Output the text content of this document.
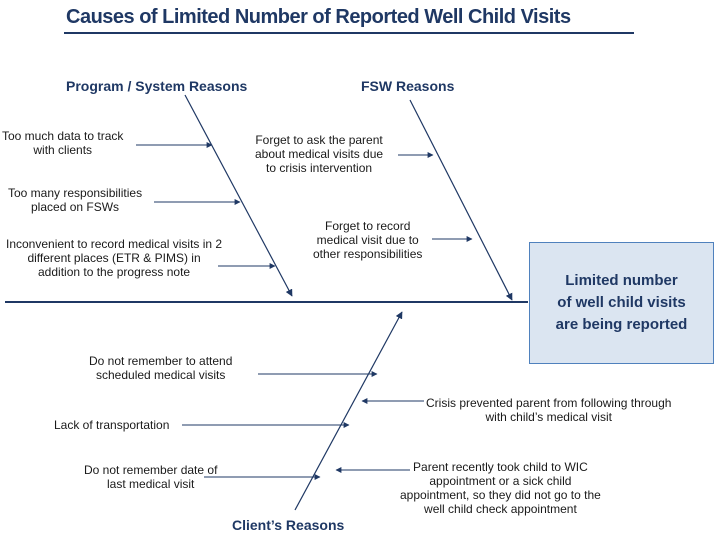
Causes of Limited Number of Reported Well Child Visits
Program / System Reasons	FSW Reasons
Client’s Reasons
Too much data to track
with clients
Too many responsibilities
placed on FSWs
Inconvenient to record medical visits in 2
different places (ETR & PIMS) in
addition to the progress note
Forget to ask the parent
about medical visits due
to crisis intervention
Forget to record
medical visit due to
other responsibilities
Do not remember to attend
scheduled medical visits
Lack of transportation
Do not remember date of
last medical visit
Crisis prevented parent from following through
with child’s medical visit
Parent recently took child to WIC
appointment or a sick child
appointment, so they did not go to the
well child check appointment
Limited number
of well child visits
are being reported
